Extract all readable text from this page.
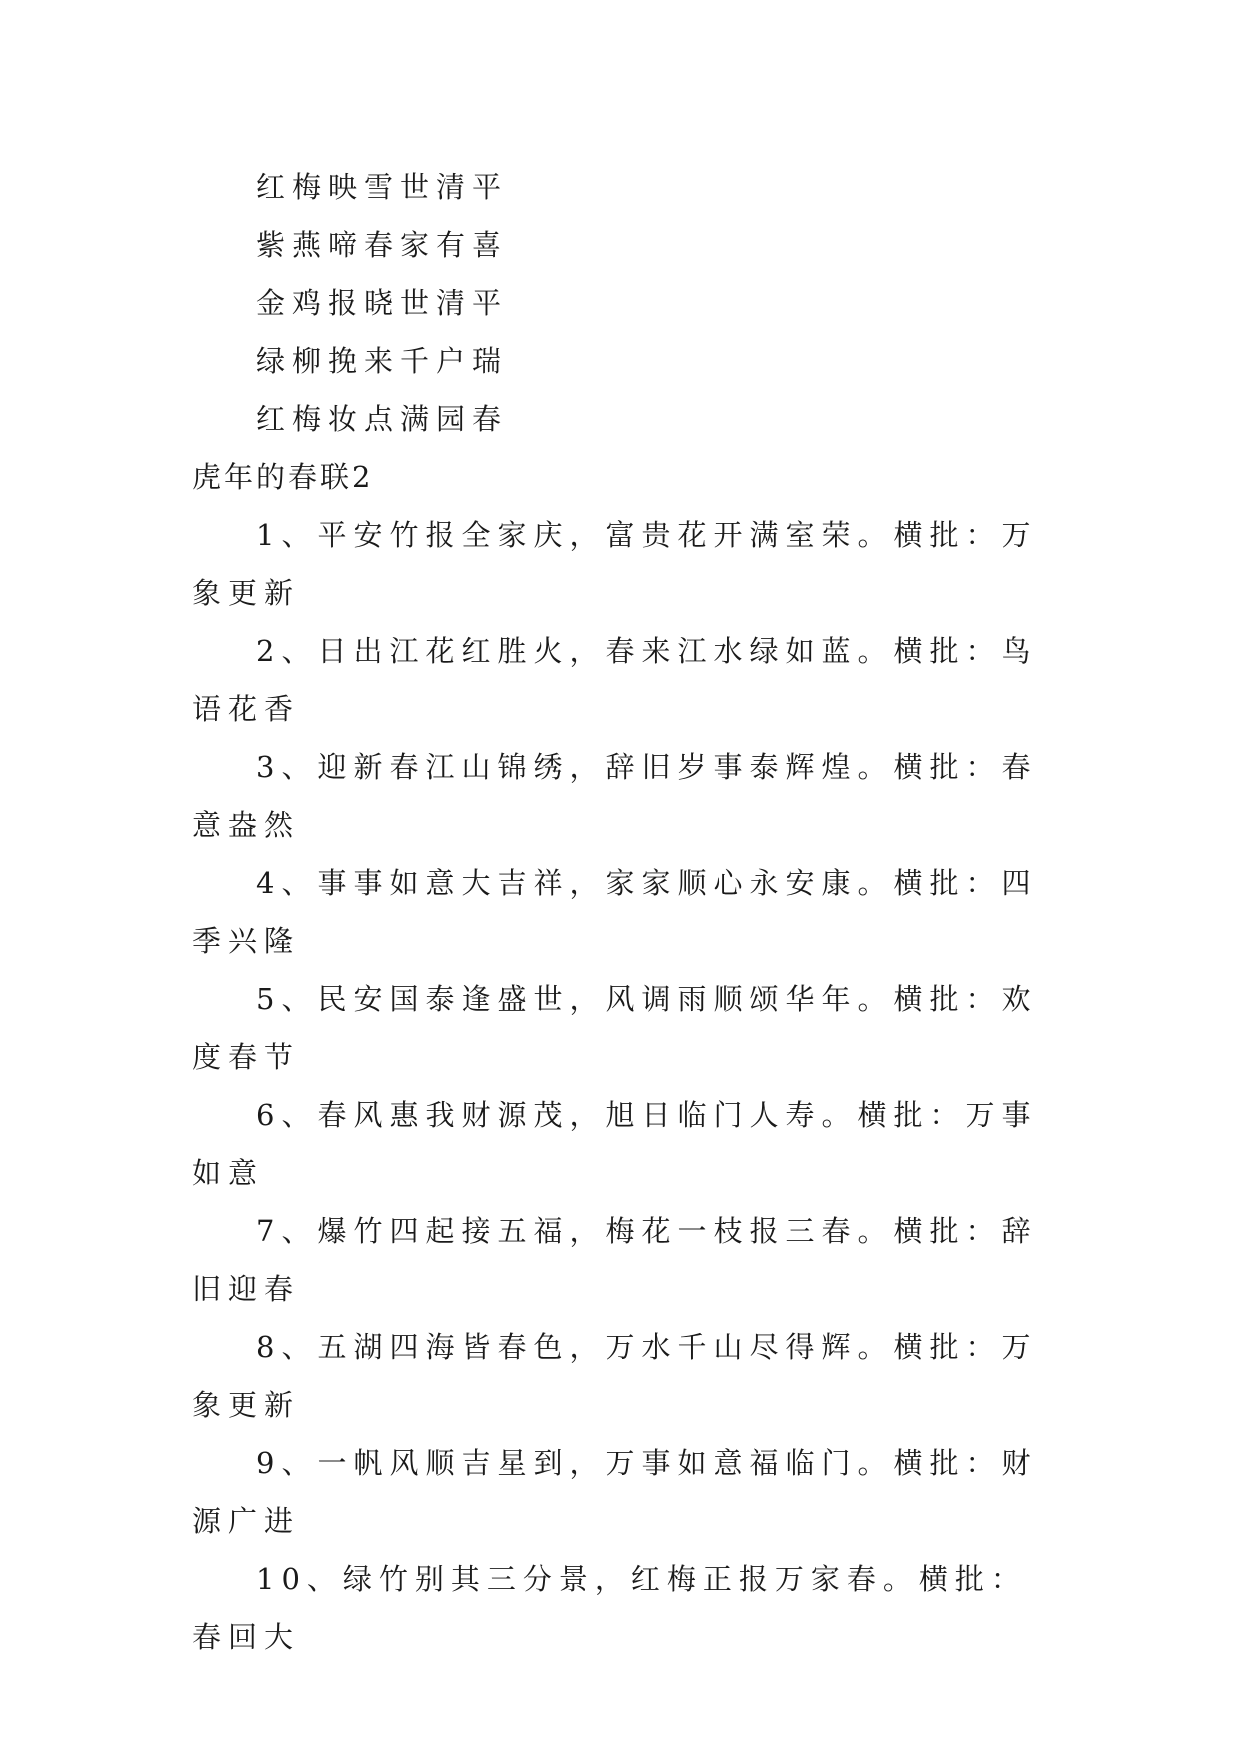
红梅映雪世清平
紫燕啼春家有喜
金鸡报晓世清平
绿柳挽来千户瑞
红梅妆点满园春
虎年的春联2
1、平安竹报全家庆，富贵花开满室荣。横批：万象更新
2、日出江花红胜火，春来江水绿如蓝。横批：鸟语花香
3、迎新春江山锦绣，辞旧岁事泰辉煌。横批：春意盎然
4、事事如意大吉祥，家家顺心永安康。横批：四季兴隆
5、民安国泰逢盛世，风调雨顺颂华年。横批：欢度春节
6、春风惠我财源茂，旭日临门人寿。横批：万事如意
7、爆竹四起接五福，梅花一枝报三春。横批：辞旧迎春
8、五湖四海皆春色，万水千山尽得辉。横批：万象更新
9、一帆风顺吉星到，万事如意福临门。横批：财源广进
10、绿竹别其三分景，红梅正报万家春。横批：春回大
